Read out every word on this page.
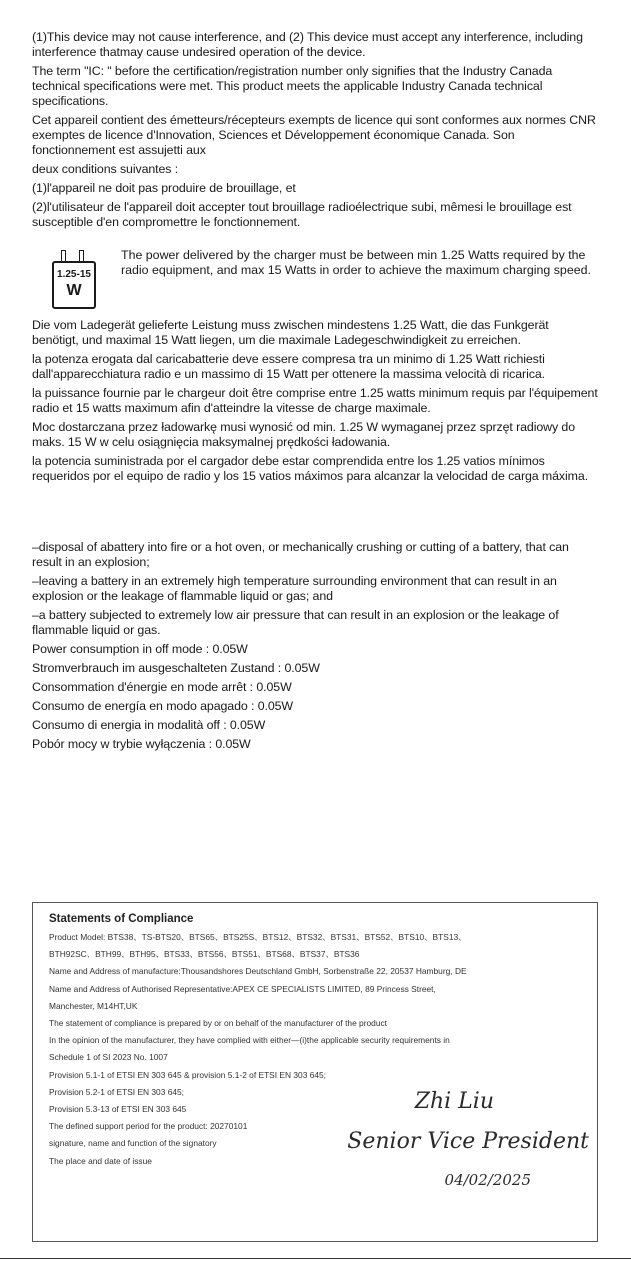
(1)This device may not cause interference, and (2) This device must accept any interference, including interference thatmay cause undesired operation of the device.

The term "IC: " before the certification/registration number only signifies that the Industry Canada technical specifications were met. This product meets the applicable Industry Canada technical specifications.

Cet appareil contient des émetteurs/récepteurs exempts de licence qui sont conformes aux normes CNR exemptes de licence d'Innovation, Sciences et Développement économique Canada. Son fonctionnement est assujetti aux

deux conditions suivantes :

(1)l'appareil ne doit pas produire de brouillage, et

(2)l'utilisateur de l'appareil doit accepter tout brouillage radioélectrique subi, mêmesi le brouillage est susceptible d'en compromettre le fonctionnement.

1.25-15
W

The power delivered by the charger must be between min 1.25 Watts required by the radio equipment, and max 15 Watts in order to achieve the maximum charging speed.

Die vom Ladegerät gelieferte Leistung muss zwischen mindestens 1.25 Watt, die das Funkgerät benötigt, und maximal 15 Watt liegen, um die maximale Ladegeschwindigkeit zu erreichen.

la potenza erogata dal caricabatterie deve essere compresa tra un minimo di 1.25 Watt richiesti dall'apparecchiatura radio e un massimo di 15 Watt per ottenere la massima velocità di ricarica.

la puissance fournie par le chargeur doit être comprise entre 1.25 watts minimum requis par l'équipement radio et 15 watts maximum afin d'atteindre la vitesse de charge maximale.

Moc dostarczana przez ładowarkę musi wynosić od min. 1.25 W wymaganej przez sprzęt radiowy do maks. 15 W w celu osiągnięcia maksymalnej prędkości ładowania.

la potencia suministrada por el cargador debe estar comprendida entre los 1.25 vatios mínimos requeridos por el equipo de radio y los 15 vatios máximos para alcanzar la velocidad de carga máxima.

–disposal of abattery into fire or a hot oven, or mechanically crushing or cutting of a battery, that can result in an explosion;

–leaving a battery in an extremely high temperature surrounding environment that can result in an explosion or the leakage of flammable liquid or gas; and

–a battery subjected to extremely low air pressure that can result in an explosion or the leakage of flammable liquid or gas.

Power consumption in off mode : 0.05W

Stromverbrauch im ausgeschalteten Zustand : 0.05W

Consommation d'énergie en mode arrêt : 0.05W

Consumo de energía en modo apagado : 0.05W

Consumo di energia in modalità off : 0.05W

Pobór mocy w trybie wyłączenia : 0.05W

Statements of Compliance

Product Model: BTS38、TS-BTS20、BTS65、BTS25S、BTS12、BTS32、BTS31、BTS52、BTS10、BTS13、

BTH92SC、BTH99、BTH95、BTS33、BTS56、BTS51、BTS68、BTS37、BTS36

Name and Address of manufacture:Thousandshores Deutschland GmbH, Sorbenstraße 22, 20537 Hamburg, DE

Name and Address of Authorised Representative:APEX CE SPECIALISTS LIMITED, 89 Princess Street,

Manchester, M14HT,UK

The statement of compliance is prepared by or on behalf of the manufacturer of the product

In the opinion of the manufacturer, they have complied with either—(i)the applicable security requirements in

Schedule 1 of SI 2023 No. 1007

Provision 5.1-1 of ETSI EN 303 645 & provision 5.1-2 of ETSI EN 303 645;

Provision 5.2-1 of ETSI EN 303 645;

Provision 5.3-13 of ETSI EN 303 645

The defined support period for the product: 20270101

signature, name and function of the signatory

The place and date of issue

Zhi Liu
Senior Vice President
04/02/2025
